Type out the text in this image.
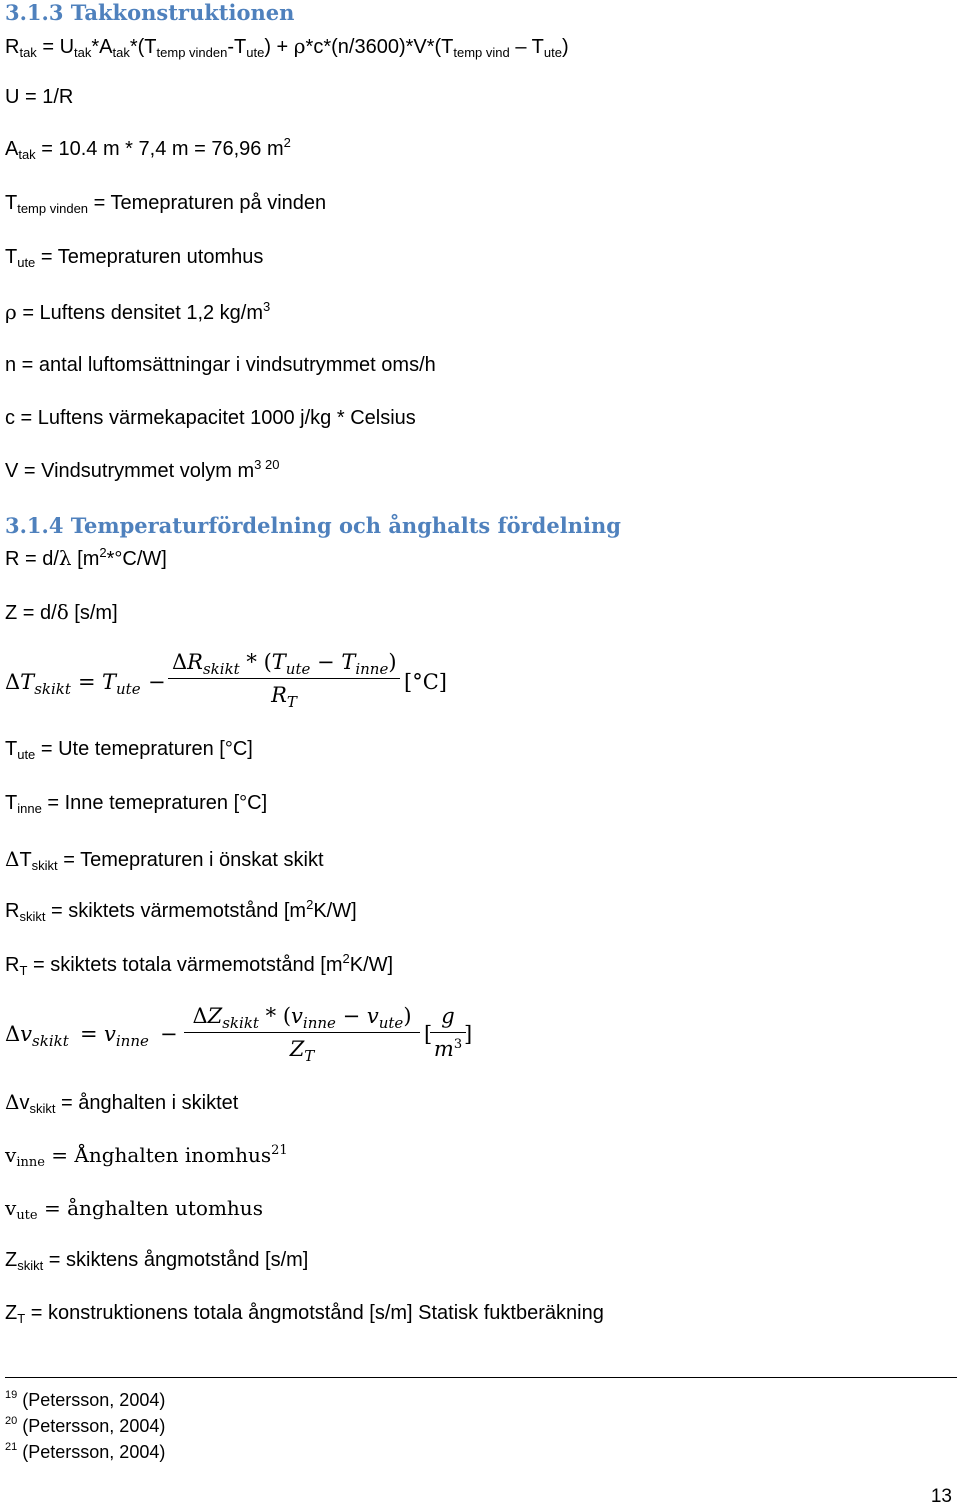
3.1.3 Takkonstruktionen
$R_{tak} = U_{tak}*A_{tak}*(T_{temp vinden}-T_{ute}) + \rho*c*(n/3600)*V*(T_{temp vind} - T_{ute})$
U = 1/R
$A_{tak} = 10.4$ m * 7,4 m = 76,96 $m^2$
$T_{temp vinden}$ = Temepraturen på vinden
$T_{ute}$ = Temepraturen utomhus
ρ = Luftens densitet 1,2 $kg/m^3$
n = antal luftomsättningar i vindsutrymmet oms/h
c = Luftens värmekapacitet 1000 j/kg * Celsius
V = Vindsutrymmet volym $m^{3 20}$
3.1.4 Temperaturfördelning och ånghalts fördelning
R = d/λ $[m^2*^\circ C/W]$
Z = d/δ [s/m]
$\Delta T_{skikt} = T_{ute}$ −
$\Delta R_{skikt} * (T_{ute} - T_{inne})$
$R_T$
[°C]
$T_{ute}$ = Ute temepraturen [°C]
$T_{inne}$ = Inne temepraturen [°C]
$\Delta T_{skikt}$ = Temepraturen i önskat skikt
$R_{skikt}$ = skiktets värmemotstånd $[m^2K/W]$
$R_T$ = skiktets totala värmemotstånd $[m^2K/W]$
$\Delta v_{skikt} = v_{inne}$ −
$\Delta Z_{skikt} * (v_{inne} - v_{ute})$
$Z_T$
[
g
$m^3$ ]
$\Delta v_{skikt}$ = ånghalten i skiktet
$v_{inne}$ = Ånghalten inomhus$^{21}$
$v_{ute}$ = ånghalten utomhus
$Z_{skikt}$ = skiktens ångmotstånd [s/m]
$Z_T$ = konstruktionens totala ångmotstånd [s/m] Statisk fuktberäkning
$^{19}$ (Petersson, 2004)
$^{20}$ (Petersson, 2004)
$^{21}$ (Petersson, 2004)
13
